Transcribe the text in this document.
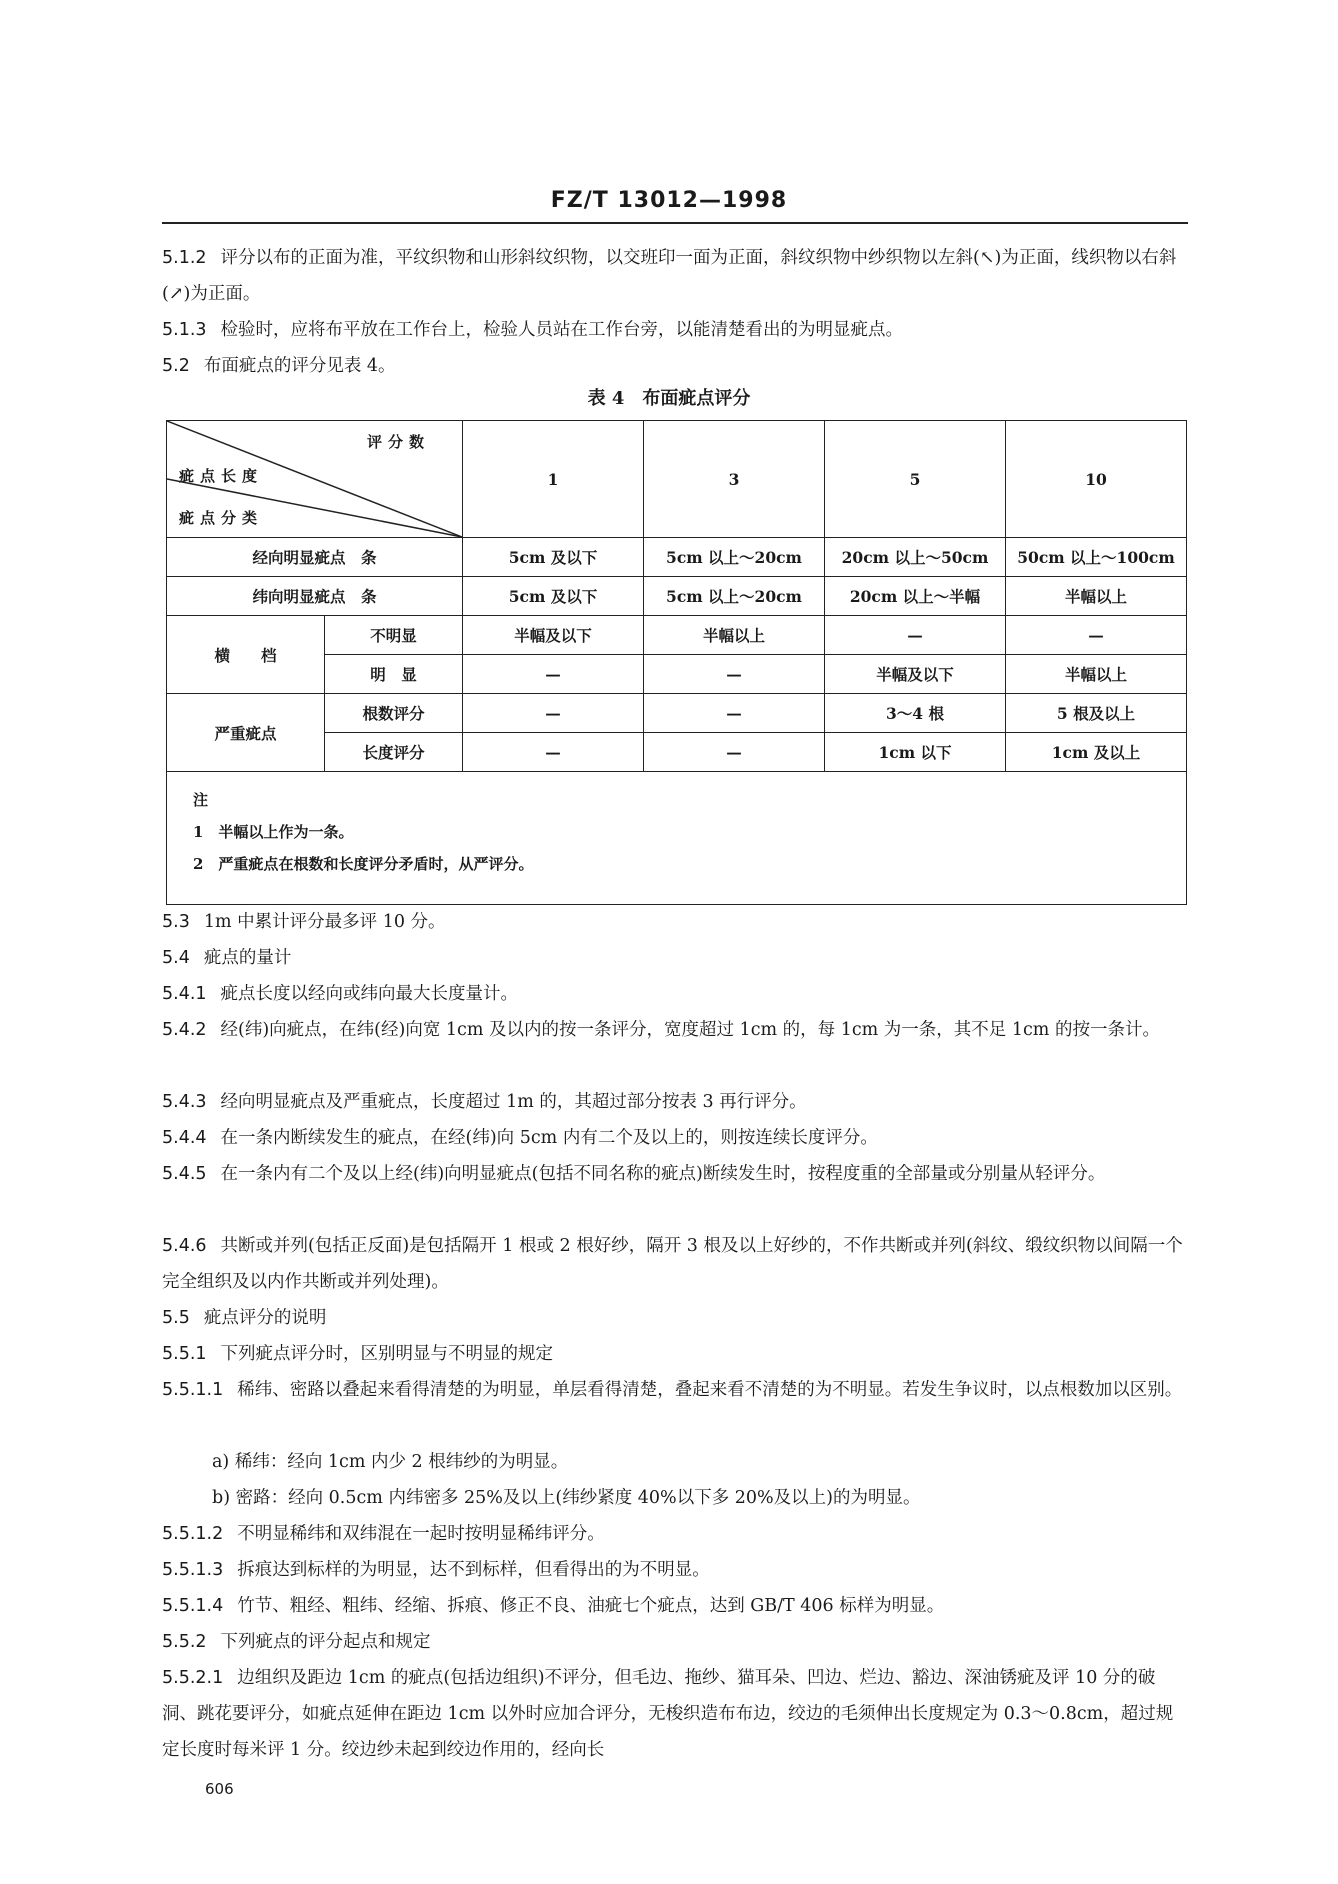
FZ/T 13012—1998
5.1.2 评分以布的正面为准，平纹织物和山形斜纹织物，以交班印一面为正面，斜纹织物中纱织物以左斜(↖)为正面，线织物以右斜(↗)为正面。
5.1.3 检验时，应将布平放在工作台上，检验人员站在工作台旁，以能清楚看出的为明显疵点。
5.2 布面疵点的评分见表 4。
表 4　布面疵点评分
评分数
疵点长度
疵点分类		1	3	5	10
经向明显疵点　条		5cm 及以下	5cm 以上～20cm	20cm 以上～50cm	50cm 以上～100cm
纬向明显疵点　条		5cm 及以下	5cm 以上～20cm	20cm 以上～半幅	半幅以上
横　　档	不明显	半幅及以下	半幅以上	—	—
	明　显	—	—	半幅及以下	半幅以上
严重疵点	根数评分	—	—	3～4 根	5 根及以上
	长度评分	—	—	1cm 以下	1cm 及以上

注
1　半幅以上作为一条。
2　严重疵点在根数和长度评分矛盾时，从严评分。					
5.3 1m 中累计评分最多评 10 分。
5.4 疵点的量计
5.4.1 疵点长度以经向或纬向最大长度量计。
5.4.2 经(纬)向疵点，在纬(经)向宽 1cm 及以内的按一条评分，宽度超过 1cm 的，每 1cm 为一条，其不足 1cm 的按一条计。
5.4.3 经向明显疵点及严重疵点，长度超过 1m 的，其超过部分按表 3 再行评分。
5.4.4 在一条内断续发生的疵点，在经(纬)向 5cm 内有二个及以上的，则按连续长度评分。
5.4.5 在一条内有二个及以上经(纬)向明显疵点(包括不同名称的疵点)断续发生时，按程度重的全部量或分别量从轻评分。
5.4.6 共断或并列(包括正反面)是包括隔开 1 根或 2 根好纱，隔开 3 根及以上好纱的，不作共断或并列(斜纹、缎纹织物以间隔一个完全组织及以内作共断或并列处理)。
5.5 疵点评分的说明
5.5.1 下列疵点评分时，区别明显与不明显的规定
5.5.1.1 稀纬、密路以叠起来看得清楚的为明显，单层看得清楚，叠起来看不清楚的为不明显。若发生争议时，以点根数加以区别。
a) 稀纬：经向 1cm 内少 2 根纬纱的为明显。
b) 密路：经向 0.5cm 内纬密多 25%及以上(纬纱紧度 40%以下多 20%及以上)的为明显。
5.5.1.2 不明显稀纬和双纬混在一起时按明显稀纬评分。
5.5.1.3 拆痕达到标样的为明显，达不到标样，但看得出的为不明显。
5.5.1.4 竹节、粗经、粗纬、经缩、拆痕、修正不良、油疵七个疵点，达到 GB/T 406 标样为明显。
5.5.2 下列疵点的评分起点和规定
5.5.2.1 边组织及距边 1cm 的疵点(包括边组织)不评分，但毛边、拖纱、猫耳朵、凹边、烂边、豁边、深油锈疵及评 10 分的破洞、跳花要评分，如疵点延伸在距边 1cm 以外时应加合评分，无梭织造布布边，绞边的毛须伸出长度规定为 0.3～0.8cm，超过规定长度时每米评 1 分。绞边纱未起到绞边作用的，经向长
606
